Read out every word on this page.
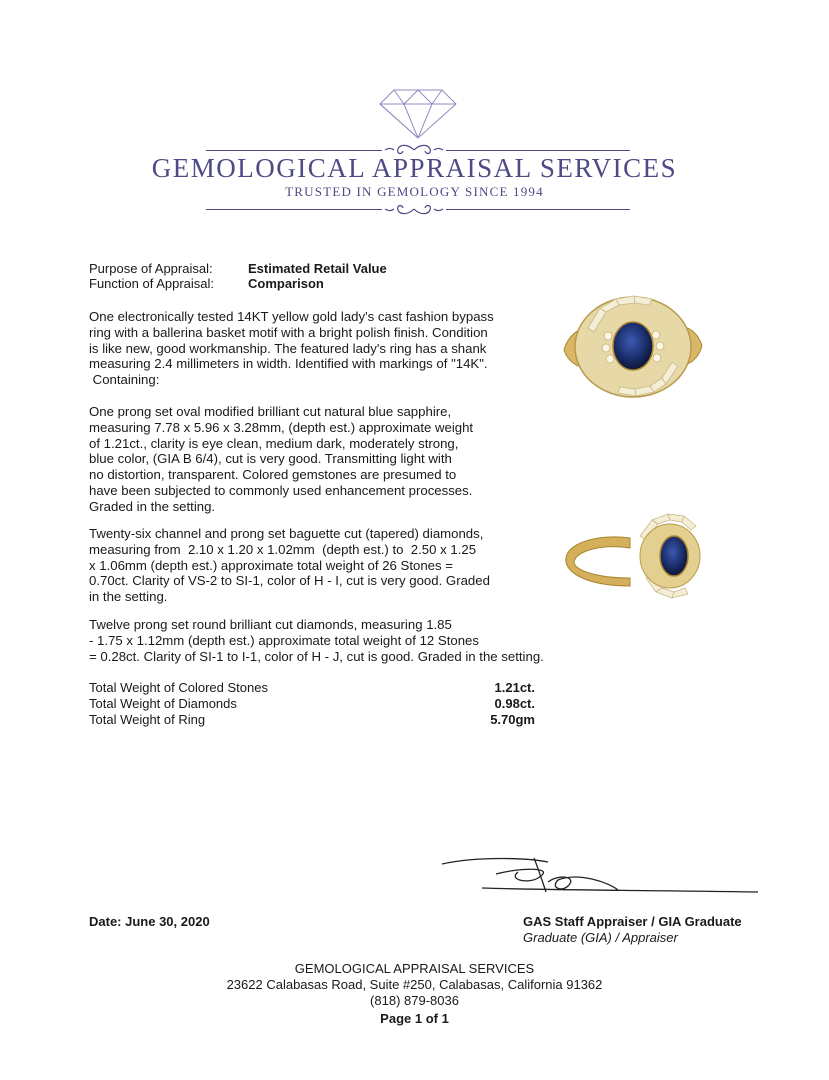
GEMOLOGICAL APPRAISAL SERVICES
TRUSTED IN GEMOLOGY SINCE 1994
Purpose of Appraisal:	Estimated Retail Value
Function of Appraisal:	Comparison
One electronically tested 14KT yellow gold lady's cast fashion bypass
ring with a ballerina basket motif with a bright polish finish. Condition
is like new, good workmanship. The featured lady's ring has a shank
measuring 2.4 millimeters in width. Identified with markings of "14K".
Containing:
One prong set oval modified brilliant cut natural blue sapphire,
measuring 7.78 x 5.96 x 3.28mm, (depth est.) approximate weight
of 1.21ct., clarity is eye clean, medium dark, moderately strong,
blue color, (GIA B 6/4), cut is very good. Transmitting light with
no distortion, transparent. Colored gemstones are presumed to
have been subjected to commonly used enhancement processes.
Graded in the setting.
Twenty-six channel and prong set baguette cut (tapered) diamonds,
measuring from  2.10 x 1.20 x 1.02mm  (depth est.) to  2.50 x 1.25
x 1.06mm (depth est.) approximate total weight of 26 Stones =
0.70ct. Clarity of VS-2 to SI-1, color of H - I, cut is very good. Graded
in the setting.
Twelve prong set round brilliant cut diamonds, measuring 1.85
- 1.75 x 1.12mm (depth est.) approximate total weight of 12 Stones
= 0.28ct. Clarity of SI-1 to I-1, color of H - J, cut is good. Graded in the setting.
Total Weight of Colored Stones	1.21ct.
Total Weight of Diamonds	0.98ct.
Total Weight of Ring	5.70gm
Date: June 30, 2020	GAS Staff Appraiser / GIA Graduate
Graduate (GIA) / Appraiser
GEMOLOGICAL APPRAISAL SERVICES
23622 Calabasas Road, Suite #250, Calabasas, California 91362
(818) 879-8036
Page 1 of 1
